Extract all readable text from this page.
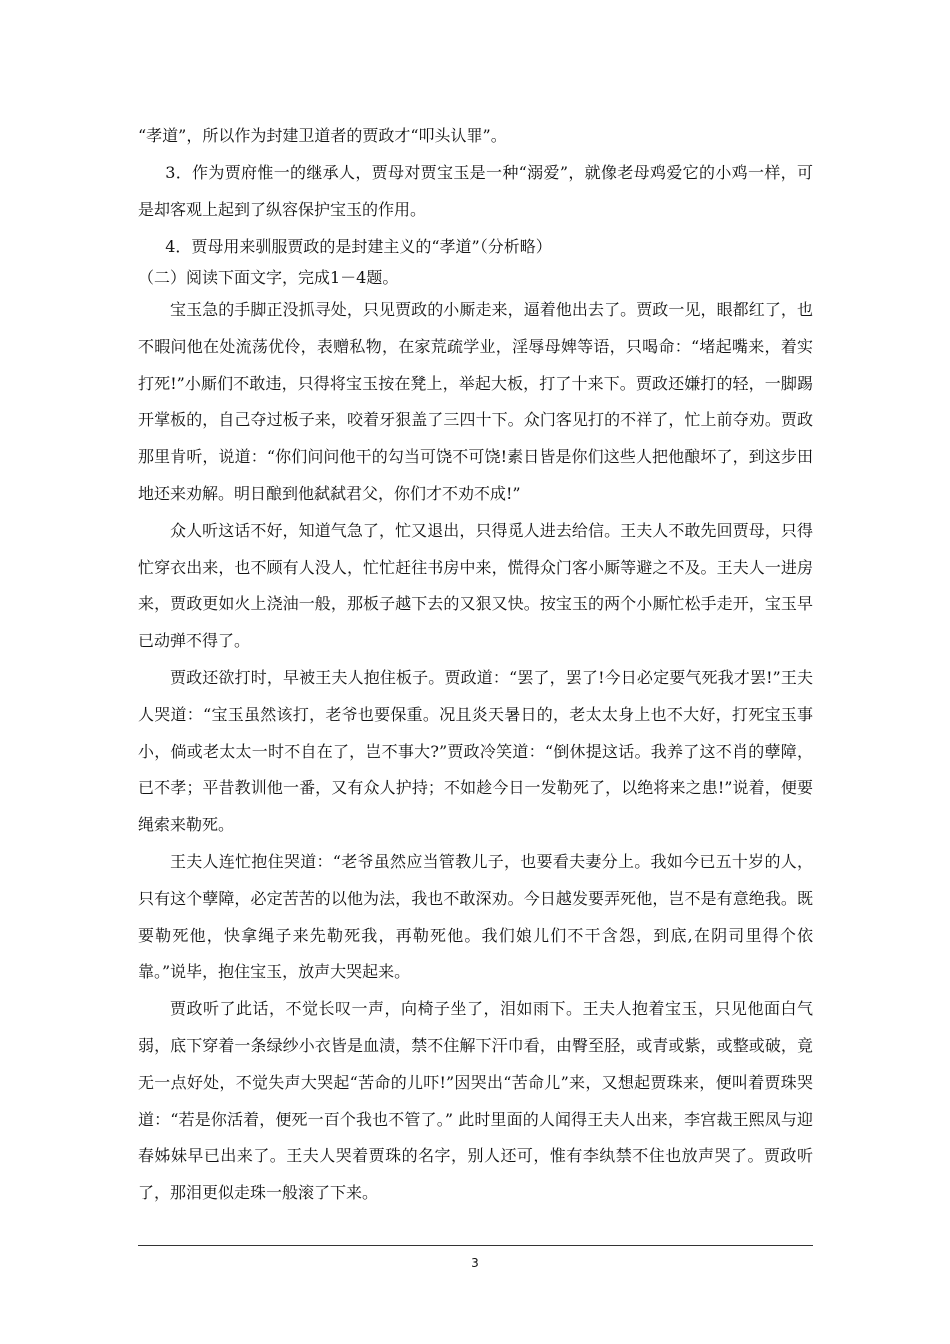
“孝道”，所以作为封建卫道者的贾政才“叩头认罪”。

3．作为贾府惟一的继承人，贾母对贾宝玉是一种“溺爱”，就像老母鸡爱它的小鸡一样，可是却客观上起到了纵容保护宝玉的作用。

4．贾母用来驯服贾政的是封建主义的“孝道”（分析略）

（二）阅读下面文字，完成1－4题。

宝玉急的手脚正没抓寻处，只见贾政的小厮走来，逼着他出去了。贾政一见，眼都红了，也不暇问他在处流荡优伶，表赠私物，在家荒疏学业，淫辱母婢等语，只喝命：“堵起嘴来，着实打死!”小厮们不敢违，只得将宝玉按在凳上，举起大板，打了十来下。贾政还嫌打的轻，一脚踢开掌板的，自己夺过板子来，咬着牙狠盖了三四十下。众门客见打的不祥了，忙上前夺劝。贾政那里肯听，说道：“你们问问他干的勾当可饶不可饶!素日皆是你们这些人把他酿坏了，到这步田地还来劝解。明日酿到他弑弑君父，你们才不劝不成!”

众人听这话不好，知道气急了，忙又退出，只得觅人进去给信。王夫人不敢先回贾母，只得忙穿衣出来，也不顾有人没人，忙忙赶往书房中来，慌得众门客小厮等避之不及。王夫人一进房来，贾政更如火上浇油一般，那板子越下去的又狠又快。按宝玉的两个小厮忙松手走开，宝玉早已动弹不得了。

贾政还欲打时，早被王夫人抱住板子。贾政道：“罢了，罢了!今日必定要气死我才罢!”王夫人哭道：“宝玉虽然该打，老爷也要保重。况且炎天暑日的，老太太身上也不大好，打死宝玉事小，倘或老太太一时不自在了，岂不事大?”贾政冷笑道：“倒休提这话。我养了这不肖的孽障，已不孝；平昔教训他一番，又有众人护持；不如趁今日一发勒死了，以绝将来之患!”说着，便要绳索来勒死。

王夫人连忙抱住哭道：“老爷虽然应当管教儿子，也要看夫妻分上。我如今已五十岁的人，只有这个孽障，必定苦苦的以他为法，我也不敢深劝。今日越发要弄死他，岂不是有意绝我。既要勒死他，快拿绳子来先勒死我，再勒死他。我们娘儿们不干含怨，到底,在阴司里得个依靠。”说毕，抱住宝玉，放声大哭起来。

贾政听了此话，不觉长叹一声，向椅子坐了，泪如雨下。王夫人抱着宝玉，只见他面白气弱，底下穿着一条绿纱小衣皆是血渍，禁不住解下汗巾看，由臀至胫，或青或紫，或整或破，竟无一点好处，不觉失声大哭起“苦命的儿吓!”因哭出“苦命儿”来，又想起贾珠来，便叫着贾珠哭道：“若是你活着，便死一百个我也不管了。” 此时里面的人闻得王夫人出来，李宫裁王熙凤与迎春姊妹早已出来了。王夫人哭着贾珠的名字，别人还可，惟有李纨禁不住也放声哭了。贾政听了，那泪更似走珠一般滚了下来。

3
